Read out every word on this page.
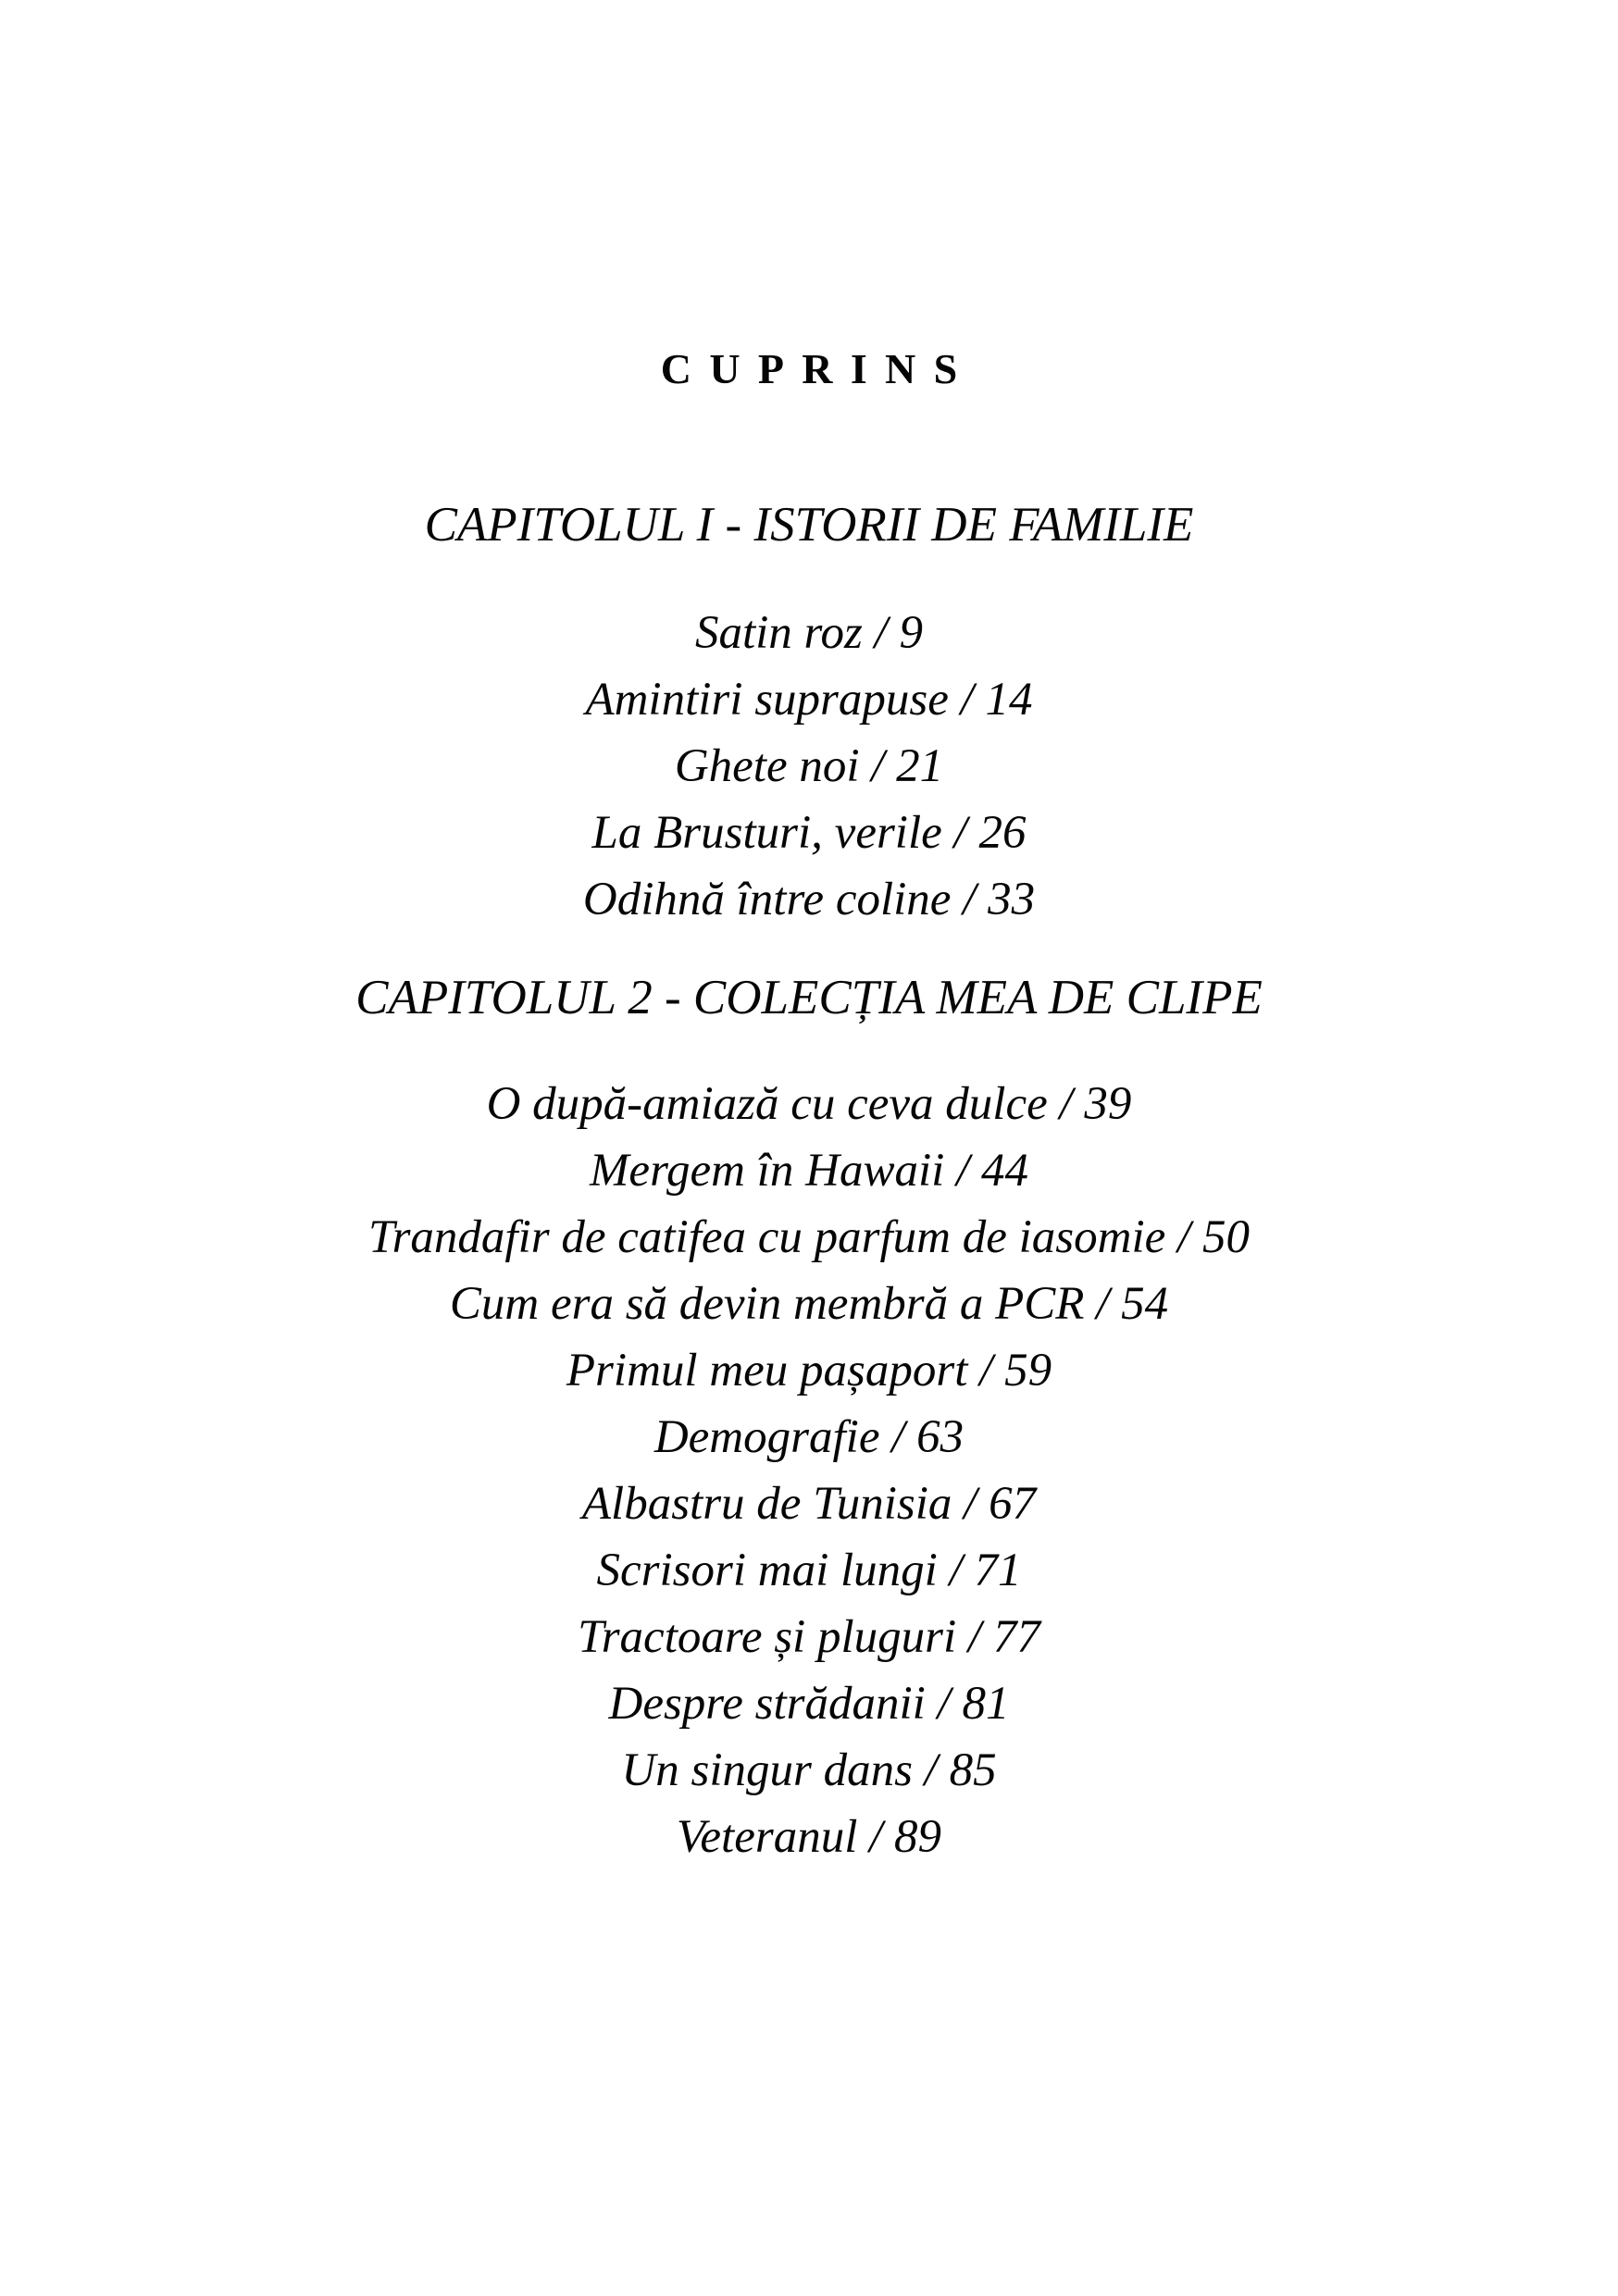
CUPRINS
CAPITOLUL I - ISTORII DE FAMILIE
Satin roz / 9
Amintiri suprapuse / 14
Ghete noi / 21
La Brusturi, verile / 26
Odihnă între coline / 33
CAPITOLUL 2 - COLECȚIA MEA DE CLIPE
O după-amiază cu ceva dulce / 39
Mergem în Hawaii / 44
Trandafir de catifea cu parfum de iasomie / 50
Cum era să devin membră a PCR / 54
Primul meu pașaport / 59
Demografie / 63
Albastru de Tunisia / 67
Scrisori mai lungi / 71
Tractoare și pluguri / 77
Despre strădanii / 81
Un singur dans / 85
Veteranul / 89
